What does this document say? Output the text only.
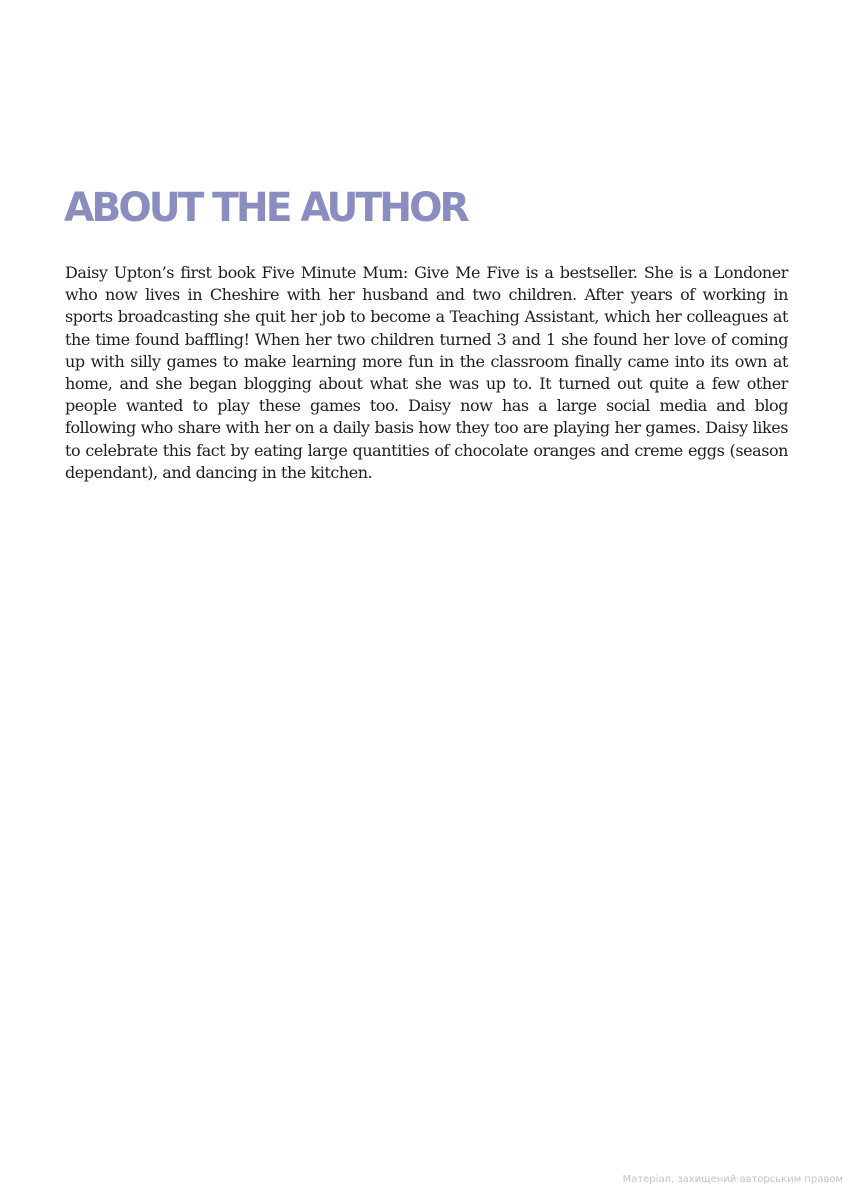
ABOUT THE AUTHOR

Daisy Upton’s first book Five Minute Mum: Give Me Five is a bestseller. She is a Londoner who now lives in Cheshire with her husband and two children. After years of working in sports broadcasting she quit her job to become a Teaching Assistant, which her colleagues at the time found baffling! When her two children turned 3 and 1 she found her love of coming up with silly games to make learning more fun in the classroom finally came into its own at home, and she began blogging about what she was up to. It turned out quite a few other people wanted to play these games too. Daisy now has a large social media and blog following who share with her on a daily basis how they too are playing her games. Daisy likes to celebrate this fact by eating large quantities of chocolate oranges and creme eggs (season dependant), and dancing in the kitchen.

Матеріал, захищений авторським правом
